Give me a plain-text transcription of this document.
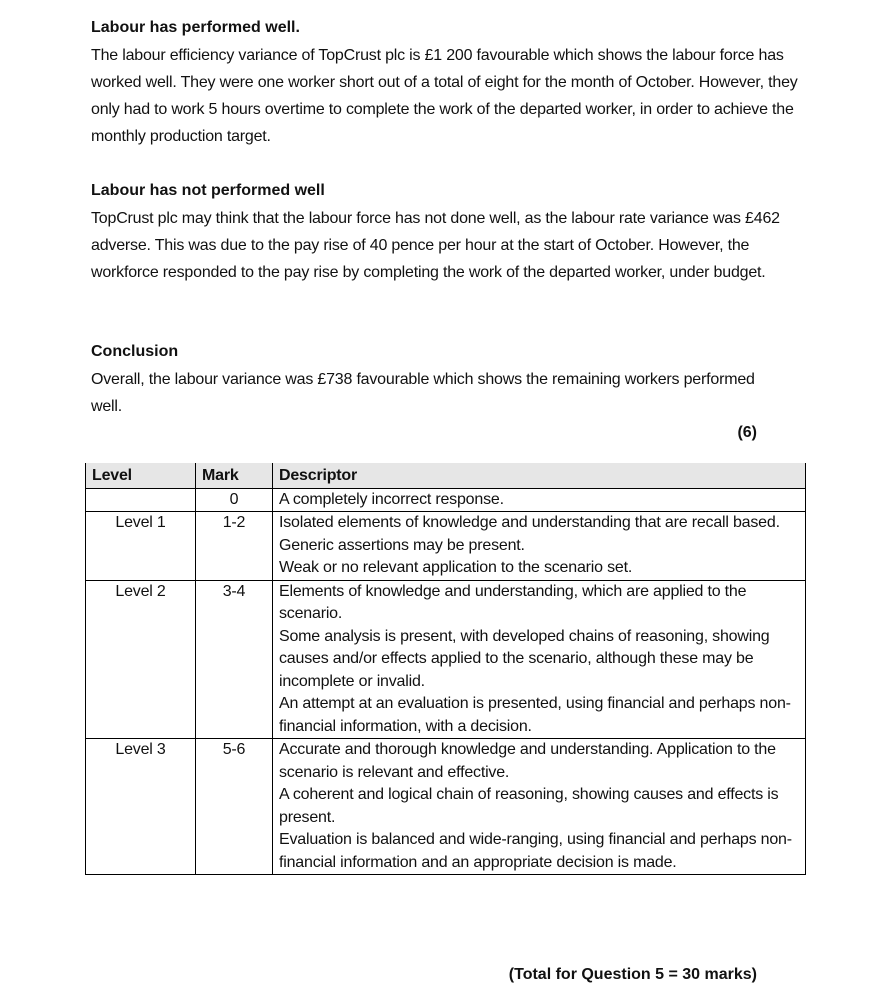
Labour has performed well.

The labour efficiency variance of TopCrust plc is £1 200 favourable which shows the labour force has worked well. They were one worker short out of a total of eight for the month of October. However, they only had to work 5 hours overtime to complete the work of the departed worker, in order to achieve the monthly production target.

Labour has not performed well

TopCrust plc may think that the labour force has not done well, as the labour rate variance was £462 adverse. This was due to the pay rise of 40 pence per hour at the start of October. However, the workforce responded to the pay rise by completing the work of the departed worker, under budget.

Conclusion

Overall, the labour variance was £738 favourable which shows the remaining workers performed well.

(6)
Level	Mark	Descriptor
	0	A completely incorrect response.

Level 1	1-2	Isolated elements of knowledge and understanding that are recall based.
Generic assertions may be present.
Weak or no relevant application to the scenario set.

Level 2	3-4	Elements of knowledge and understanding, which are applied to the scenario.
Some analysis is present, with developed chains of reasoning, showing causes and/or effects applied to the scenario, although these may be incomplete or invalid.
An attempt at an evaluation is presented, using financial and perhaps non-financial information, with a decision.

Level 3	5-6	Accurate and thorough knowledge and understanding. Application to the scenario is relevant and effective.
A coherent and logical chain of reasoning, showing causes and effects is present.
Evaluation is balanced and wide-ranging, using financial and perhaps non-financial information and an appropriate decision is made.
(Total for Question 5 = 30 marks)
